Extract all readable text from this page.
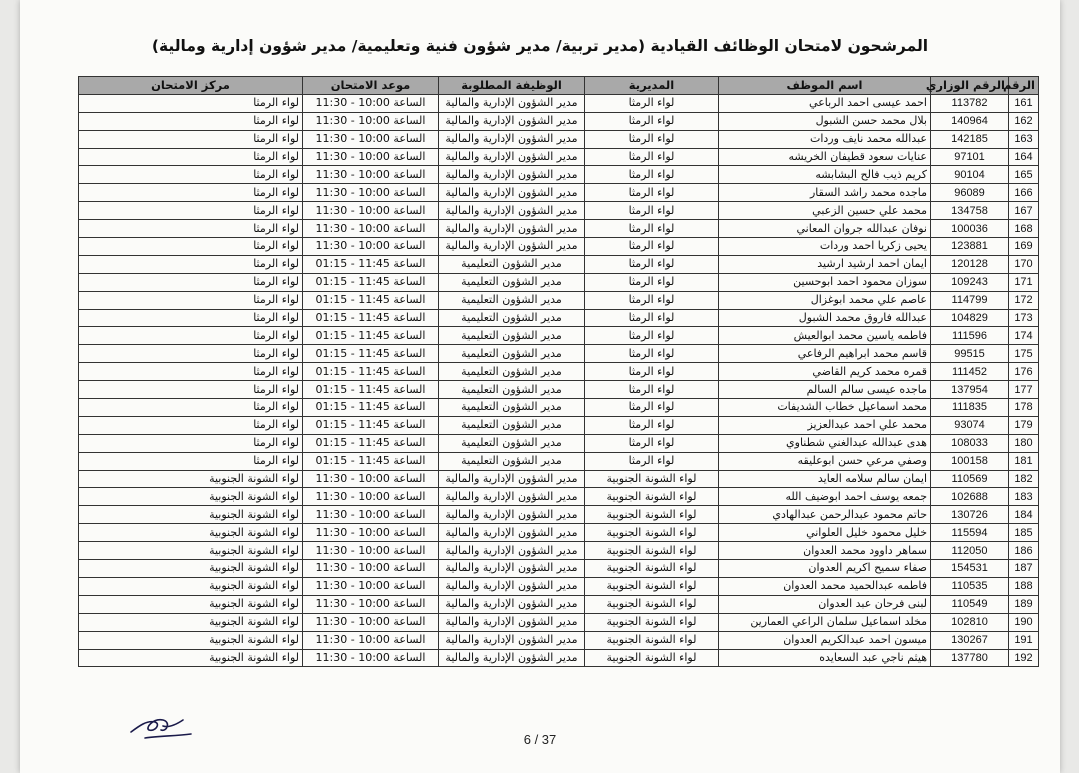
المرشحون لامتحان الوظائف القيادية (مدير تربية/ مدير شؤون فنية وتعليمية/ مدير شؤون إدارية ومالية)
الرقم	الرقم الوزاري	اسم الموظف	المديرية	الوظيفة المطلوبة	موعد الامتحان	مركز الامتحان
161	113782	احمد عيسى احمد الرباعي	لواء الرمثا	مدير الشؤون الإدارية والمالية	الساعة 10:00 - 11:30	لواء الرمثا
162	140964	بلال محمد حسن الشبول	لواء الرمثا	مدير الشؤون الإدارية والمالية	الساعة 10:00 - 11:30	لواء الرمثا
163	142185	عبدالله محمد نايف وردات	لواء الرمثا	مدير الشؤون الإدارية والمالية	الساعة 10:00 - 11:30	لواء الرمثا
164	97101	عنايات سعود قطيفان الخريشه	لواء الرمثا	مدير الشؤون الإدارية والمالية	الساعة 10:00 - 11:30	لواء الرمثا
165	90104	كريم ذيب فالح البشابشه	لواء الرمثا	مدير الشؤون الإدارية والمالية	الساعة 10:00 - 11:30	لواء الرمثا
166	96089	ماجده محمد راشد السقار	لواء الرمثا	مدير الشؤون الإدارية والمالية	الساعة 10:00 - 11:30	لواء الرمثا
167	134758	محمد علي حسين الزعبي	لواء الرمثا	مدير الشؤون الإدارية والمالية	الساعة 10:00 - 11:30	لواء الرمثا
168	100036	نوفان عبدالله جروان المعاني	لواء الرمثا	مدير الشؤون الإدارية والمالية	الساعة 10:00 - 11:30	لواء الرمثا
169	123881	يحيى زكريا احمد وردات	لواء الرمثا	مدير الشؤون الإدارية والمالية	الساعة 10:00 - 11:30	لواء الرمثا
170	120128	ايمان احمد ارشيد ارشيد	لواء الرمثا	مدير الشؤون التعليمية	الساعة 11:45 - 01:15	لواء الرمثا
171	109243	سوزان محمود احمد ابوحسين	لواء الرمثا	مدير الشؤون التعليمية	الساعة 11:45 - 01:15	لواء الرمثا
172	114799	عاصم علي محمد ابوغزال	لواء الرمثا	مدير الشؤون التعليمية	الساعة 11:45 - 01:15	لواء الرمثا
173	104829	عبدالله فاروق محمد الشبول	لواء الرمثا	مدير الشؤون التعليمية	الساعة 11:45 - 01:15	لواء الرمثا
174	111596	فاطمه ياسين محمد ابوالعيش	لواء الرمثا	مدير الشؤون التعليمية	الساعة 11:45 - 01:15	لواء الرمثا
175	99515	قاسم محمد ابراهيم الرفاعي	لواء الرمثا	مدير الشؤون التعليمية	الساعة 11:45 - 01:15	لواء الرمثا
176	111452	قمره محمد كريم القاضي	لواء الرمثا	مدير الشؤون التعليمية	الساعة 11:45 - 01:15	لواء الرمثا
177	137954	ماجده عيسى سالم السالم	لواء الرمثا	مدير الشؤون التعليمية	الساعة 11:45 - 01:15	لواء الرمثا
178	111835	محمد اسماعيل خطاب الشديفات	لواء الرمثا	مدير الشؤون التعليمية	الساعة 11:45 - 01:15	لواء الرمثا
179	93074	محمد علي احمد عبدالعزيز	لواء الرمثا	مدير الشؤون التعليمية	الساعة 11:45 - 01:15	لواء الرمثا
180	108033	هدى عبدالله عبدالغني شطناوي	لواء الرمثا	مدير الشؤون التعليمية	الساعة 11:45 - 01:15	لواء الرمثا
181	100158	وصفي مرعي حسن ابوعليقه	لواء الرمثا	مدير الشؤون التعليمية	الساعة 11:45 - 01:15	لواء الرمثا
182	110569	ايمان سالم سلامه العايد	لواء الشونة الجنوبية	مدير الشؤون الإدارية والمالية	الساعة 10:00 - 11:30	لواء الشونة الجنوبية
183	102688	جمعه يوسف احمد ابوضيف الله	لواء الشونة الجنوبية	مدير الشؤون الإدارية والمالية	الساعة 10:00 - 11:30	لواء الشونة الجنوبية
184	130726	حاتم محمود عبدالرحمن عبدالهادي	لواء الشونة الجنوبية	مدير الشؤون الإدارية والمالية	الساعة 10:00 - 11:30	لواء الشونة الجنوبية
185	115594	خليل محمود خليل العلواني	لواء الشونة الجنوبية	مدير الشؤون الإدارية والمالية	الساعة 10:00 - 11:30	لواء الشونة الجنوبية
186	112050	سماهر داوود محمد العدوان	لواء الشونة الجنوبية	مدير الشؤون الإدارية والمالية	الساعة 10:00 - 11:30	لواء الشونة الجنوبية
187	154531	صفاء سميح اكريم العدوان	لواء الشونة الجنوبية	مدير الشؤون الإدارية والمالية	الساعة 10:00 - 11:30	لواء الشونة الجنوبية
188	110535	فاطمه عبدالحميد محمد العدوان	لواء الشونة الجنوبية	مدير الشؤون الإدارية والمالية	الساعة 10:00 - 11:30	لواء الشونة الجنوبية
189	110549	لبنى فرحان عبد العدوان	لواء الشونة الجنوبية	مدير الشؤون الإدارية والمالية	الساعة 10:00 - 11:30	لواء الشونة الجنوبية
190	102810	مخلد اسماعيل سلمان الراعي العمارين	لواء الشونة الجنوبية	مدير الشؤون الإدارية والمالية	الساعة 10:00 - 11:30	لواء الشونة الجنوبية
191	130267	ميسون احمد عبدالكريم العدوان	لواء الشونة الجنوبية	مدير الشؤون الإدارية والمالية	الساعة 10:00 - 11:30	لواء الشونة الجنوبية
192	137780	هيثم ناجي عبد السعايده	لواء الشونة الجنوبية	مدير الشؤون الإدارية والمالية	الساعة 10:00 - 11:30	لواء الشونة الجنوبية
6 / 37
